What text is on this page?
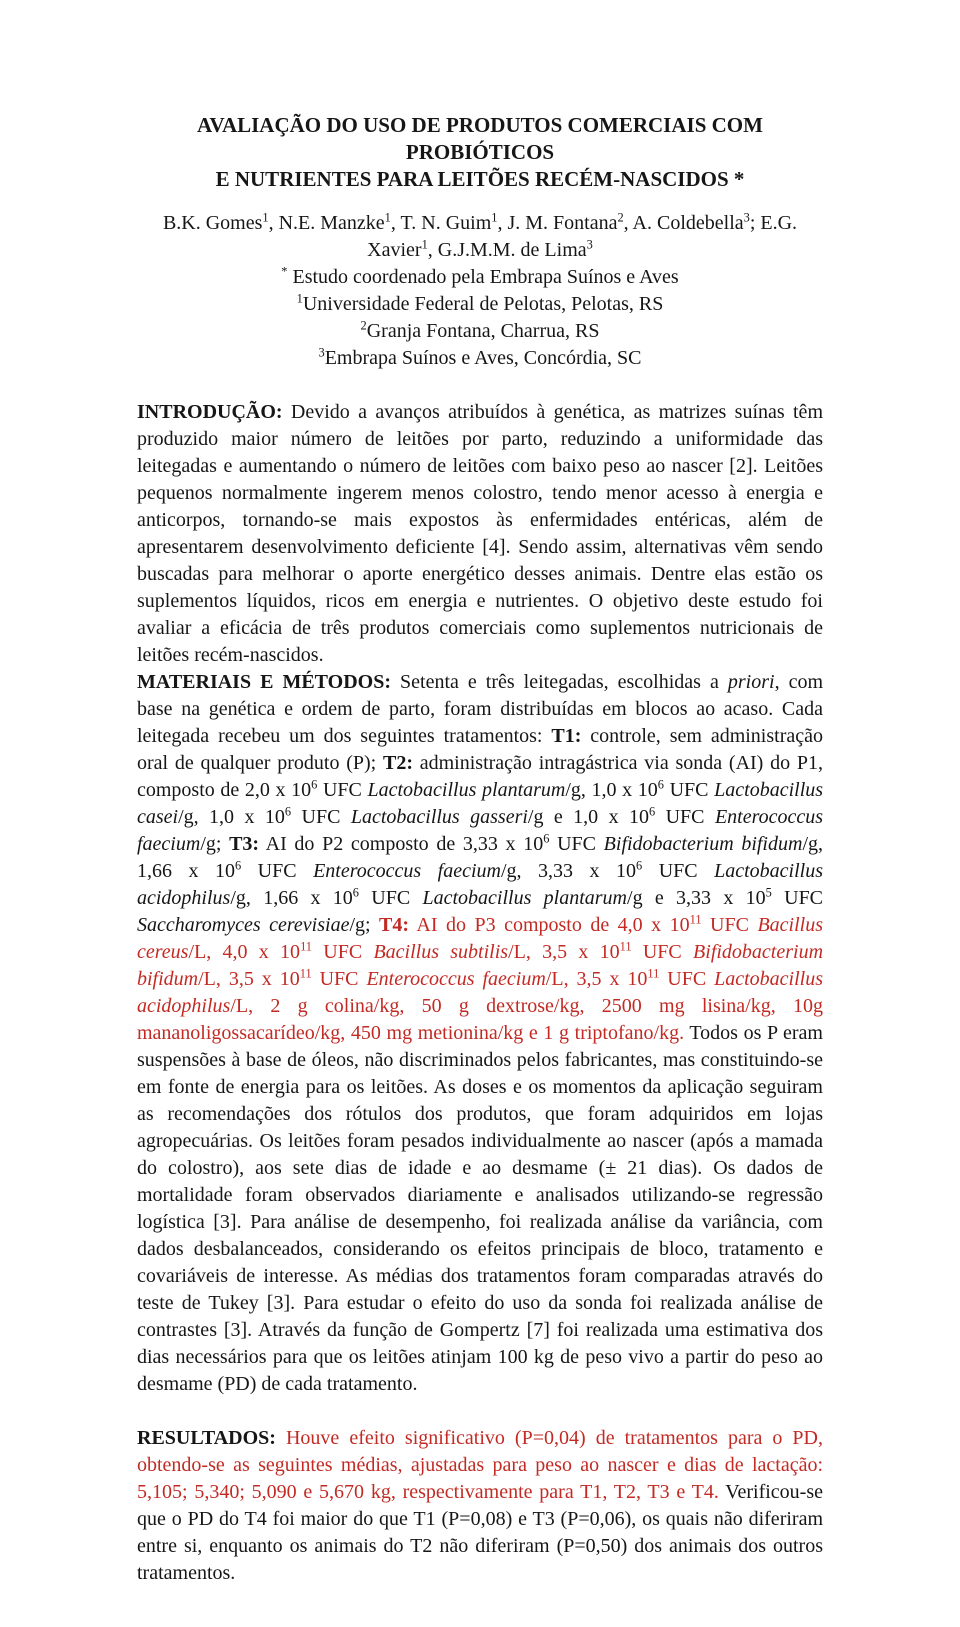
AVALIAÇÃO DO USO DE PRODUTOS COMERCIAIS COM PROBIÓTICOS
E NUTRIENTES PARA LEITÕES RECÉM-NASCIDOS *
B.K. Gomes$^1$, N.E. Manzke$^1$, T. N. Guim$^1$, J. M. Fontana$^2$, A. Coldebella$^3$; E.G.
Xavier$^1$, G.J.M.M. de Lima$^3$
* Estudo coordenado pela Embrapa Suínos e Aves
$^1$Universidade Federal de Pelotas, Pelotas, RS
$^2$Granja Fontana, Charrua, RS
$^3$Embrapa Suínos e Aves, Concórdia, SC

INTRODUÇÃO: Devido a avanços atribuídos à genética, as matrizes suínas têm produzido maior número de leitões por parto, reduzindo a uniformidade das leitegadas e aumentando o número de leitões com baixo peso ao nascer [2]. Leitões pequenos normalmente ingerem menos colostro, tendo menor acesso à energia e anticorpos, tornando-se mais expostos às enfermidades entéricas, além de apresentarem desenvolvimento deficiente [4]. Sendo assim, alternativas vêm sendo buscadas para melhorar o aporte energético desses animais. Dentre elas estão os suplementos líquidos, ricos em energia e nutrientes. O objetivo deste estudo foi avaliar a eficácia de três produtos comerciais como suplementos nutricionais de leitões recém-nascidos.

MATERIAIS E MÉTODOS: Setenta e três leitegadas, escolhidas a priori, com base na genética e ordem de parto, foram distribuídas em blocos ao acaso. Cada leitegada recebeu um dos seguintes tratamentos: T1: controle, sem administração oral de qualquer produto (P); T2: administração intragástrica via sonda (AI) do P1, composto de 2,0 x $10^6$ UFC Lactobacillus plantarum/g, 1,0 x $10^6$ UFC Lactobacillus casei/g, 1,0 x $10^6$ UFC Lactobacillus gasseri/g e 1,0 x $10^6$ UFC Enterococcus faecium/g; T3: AI do P2 composto de 3,33 x $10^6$ UFC Bifidobacterium bifidum/g, 1,66 x $10^6$ UFC Enterococcus faecium/g, 3,33 x $10^6$ UFC Lactobacillus acidophilus/g, 1,66 x $10^6$ UFC Lactobacillus plantarum/g e 3,33 x $10^5$ UFC Saccharomyces cerevisiae/g; T4: AI do P3 composto de 4,0 x $10^{11}$ UFC Bacillus cereus/L, 4,0 x $10^{11}$ UFC Bacillus subtilis/L, 3,5 x $10^{11}$ UFC Bifidobacterium bifidum/L, 3,5 x $10^{11}$ UFC Enterococcus faecium/L, 3,5 x $10^{11}$ UFC Lactobacillus acidophilus/L, 2 g colina/kg, 50 g dextrose/kg, 2500 mg lisina/kg, 10g mananoligossacarídeo/kg, 450 mg metionina/kg e 1 g triptofano/kg. Todos os P eram suspensões à base de óleos, não discriminados pelos fabricantes, mas constituindo-se em fonte de energia para os leitões. As doses e os momentos da aplicação seguiram as recomendações dos rótulos dos produtos, que foram adquiridos em lojas agropecuárias. Os leitões foram pesados individualmente ao nascer (após a mamada do colostro), aos sete dias de idade e ao desmame (± 21 dias). Os dados de mortalidade foram observados diariamente e analisados utilizando-se regressão logística [3]. Para análise de desempenho, foi realizada análise da variância, com dados desbalanceados, considerando os efeitos principais de bloco, tratamento e covariáveis de interesse. As médias dos tratamentos foram comparadas através do teste de Tukey [3]. Para estudar o efeito do uso da sonda foi realizada análise de contrastes [3]. Através da função de Gompertz [7] foi realizada uma estimativa dos dias necessários para que os leitões atinjam 100 kg de peso vivo a partir do peso ao desmame (PD) de cada tratamento.

RESULTADOS: Houve efeito significativo (P=0,04) de tratamentos para o PD, obtendo-se as seguintes médias, ajustadas para peso ao nascer e dias de lactação: 5,105; 5,340; 5,090 e 5,670 kg, respectivamente para T1, T2, T3 e T4. Verificou-se que o PD do T4 foi maior do que T1 (P=0,08) e T3 (P=0,06), os quais não diferiram entre si, enquanto os animais do T2 não diferiram (P=0,50) dos animais dos outros tratamentos.
